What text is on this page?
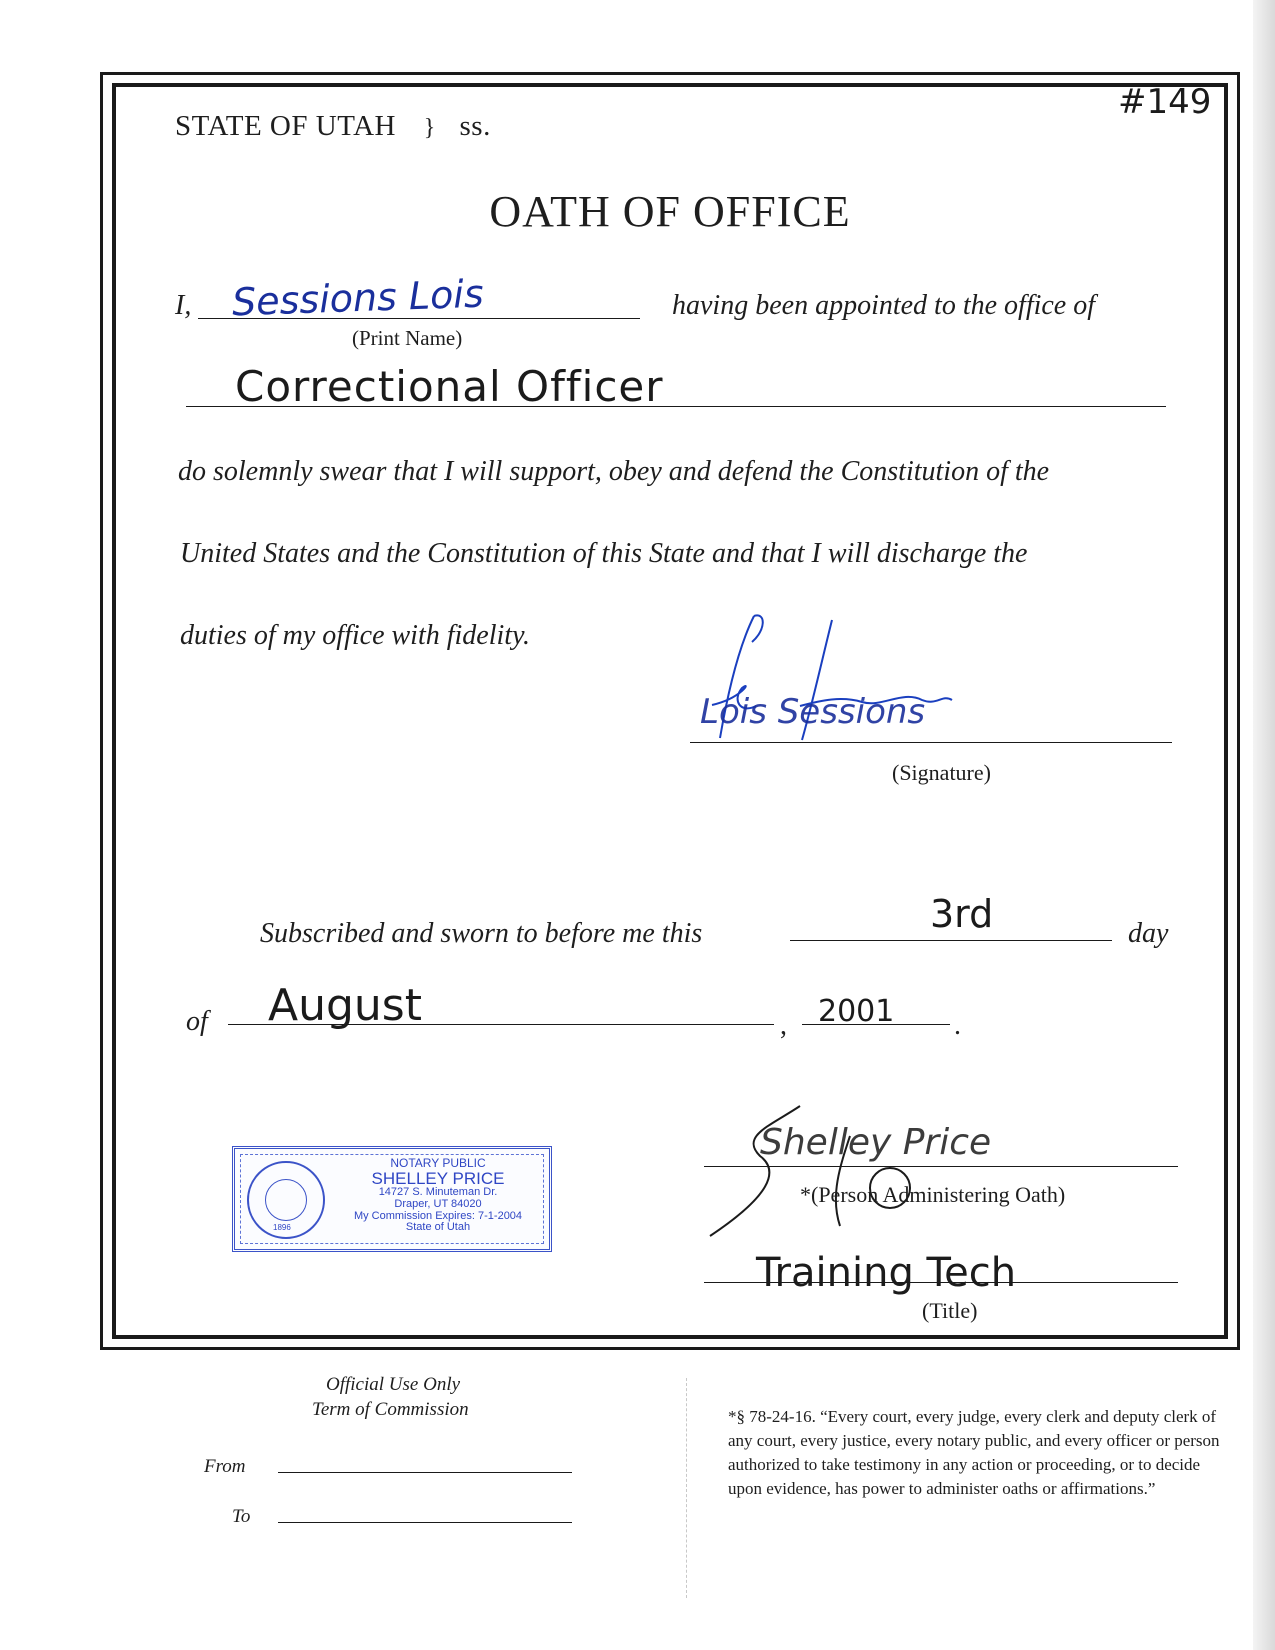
#149
STATE OF UTAH } ss.
OATH OF OFFICE
I, Sessions Lois
(Print Name)
having been appointed to the office of
Correctional Officer
do solemnly swear that I will support, obey and defend the Constitution of the
United States and the Constitution of this State and that I will discharge the
duties of my office with fidelity.
Lois Sessions
(Signature)
Subscribed and sworn to before me this	3rd	day
of August	, 2001 .
1896
NOTARY PUBLIC
SHELLEY PRICE
14727 S. Minuteman Dr.
Draper, UT 84020
My Commission Expires: 7-1-2004
State of Utah
Shelley Price
*(Person Administering Oath)
Training Tech
(Title)
Official Use Only
Term of Commission
From
To
*§ 78-24-16. “Every court, every judge, every clerk and deputy clerk of any court, every justice, every notary public, and every officer or person authorized to take testimony in any action or proceeding, or to decide upon evidence, has power to administer oaths or affirmations.”
